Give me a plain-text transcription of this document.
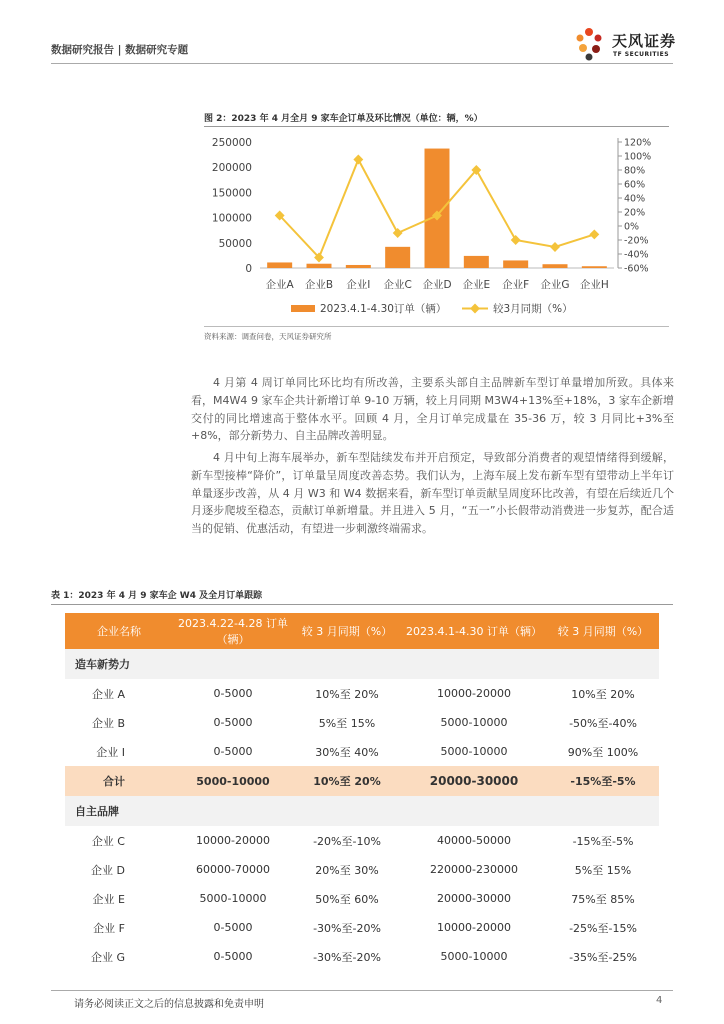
数据研究报告 | 数据研究专题	天风证券
TF SECURITIES
图 2：2023 年 4 月全月 9 家车企订单及环比情况（单位：辆，%）
0
50000
100000
150000
200000
250000
-60%
-40%
-20%
0%
20%
40%
60%
80%
100%
120%
企业A 企业B 企业I 企业C 企业D 企业E 企业F 企业G 企业H
2023.4.1-4.30订单（辆）	较3月同期（%）
资料来源：调查问卷，天风证券研究所

4 月第 4 周订单同比环比均有所改善，主要系头部自主品牌新车型订单量增加所致。具体来看，M4W4 9 家车企共计新增订单 9-10 万辆，较上月同期 M3W4+13%至+18%，3 家车企新增交付的同比增速高于整体水平。回顾 4 月，全月订单完成量在 35-36 万，较 3 月同比+3%至+8%，部分新势力、自主品牌改善明显。

4 月中旬上海车展举办，新车型陆续发布并开启预定，导致部分消费者的观望情绪得到缓解，新车型接棒“降价”，订单量呈周度改善态势。我们认为，上海车展上发布新车型有望带动上半年订单量逐步改善，从 4 月 W3 和 W4 数据来看，新车型订单贡献呈周度环比改善，有望在后续近几个月逐步爬坡至稳态，贡献订单新增量。并且进入 5 月，“五一”小长假带动消费进一步复苏，配合适当的促销、优惠活动，有望进一步刺激终端需求。

表 1：2023 年 4 月 9 家车企 W4 及全月订单跟踪
企业名称	2023.4.22-4.28 订单（辆）	较 3 月同期（%）	2023.4.1-4.30 订单（辆）	较 3 月同期（%）
造车新势力				
企业 A	0-5000	10%至 20%	10000-20000	10%至 20%
企业 B	0-5000	5%至 15%	5000-10000	-50%至-40%
企业 I	0-5000	30%至 40%	5000-10000	90%至 100%
合计	5000-10000	10%至 20%	20000-30000	-15%至-5%
自主品牌				
企业 C	10000-20000	-20%至-10%	40000-50000	-15%至-5%
企业 D	60000-70000	20%至 30%	220000-230000	5%至 15%
企业 E	5000-10000	50%至 60%	20000-30000	75%至 85%
企业 F	0-5000	-30%至-20%	10000-20000	-25%至-15%
企业 G	0-5000	-30%至-20%	5000-10000	-35%至-25%
请务必阅读正文之后的信息披露和免责申明	4
